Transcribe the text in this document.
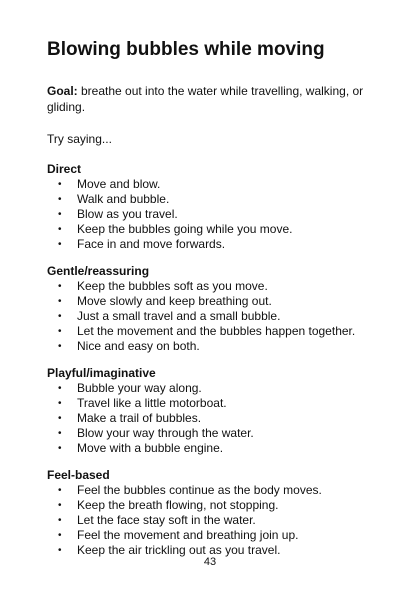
Blowing bubbles while moving

Goal: breathe out into the water while travelling, walking, or gliding.

Try saying...

Direct
• Move and blow.
• Walk and bubble.
• Blow as you travel.
• Keep the bubbles going while you move.
• Face in and move forwards.
Gentle/reassuring
• Keep the bubbles soft as you move.
• Move slowly and keep breathing out.
• Just a small travel and a small bubble.
• Let the movement and the bubbles happen together.
• Nice and easy on both.
Playful/imaginative
• Bubble your way along.
• Travel like a little motorboat.
• Make a trail of bubbles.
• Blow your way through the water.
• Move with a bubble engine.
Feel-based
• Feel the bubbles continue as the body moves.
• Keep the breath flowing, not stopping.
• Let the face stay soft in the water.
• Feel the movement and breathing join up.
• Keep the air trickling out as you travel.
43
